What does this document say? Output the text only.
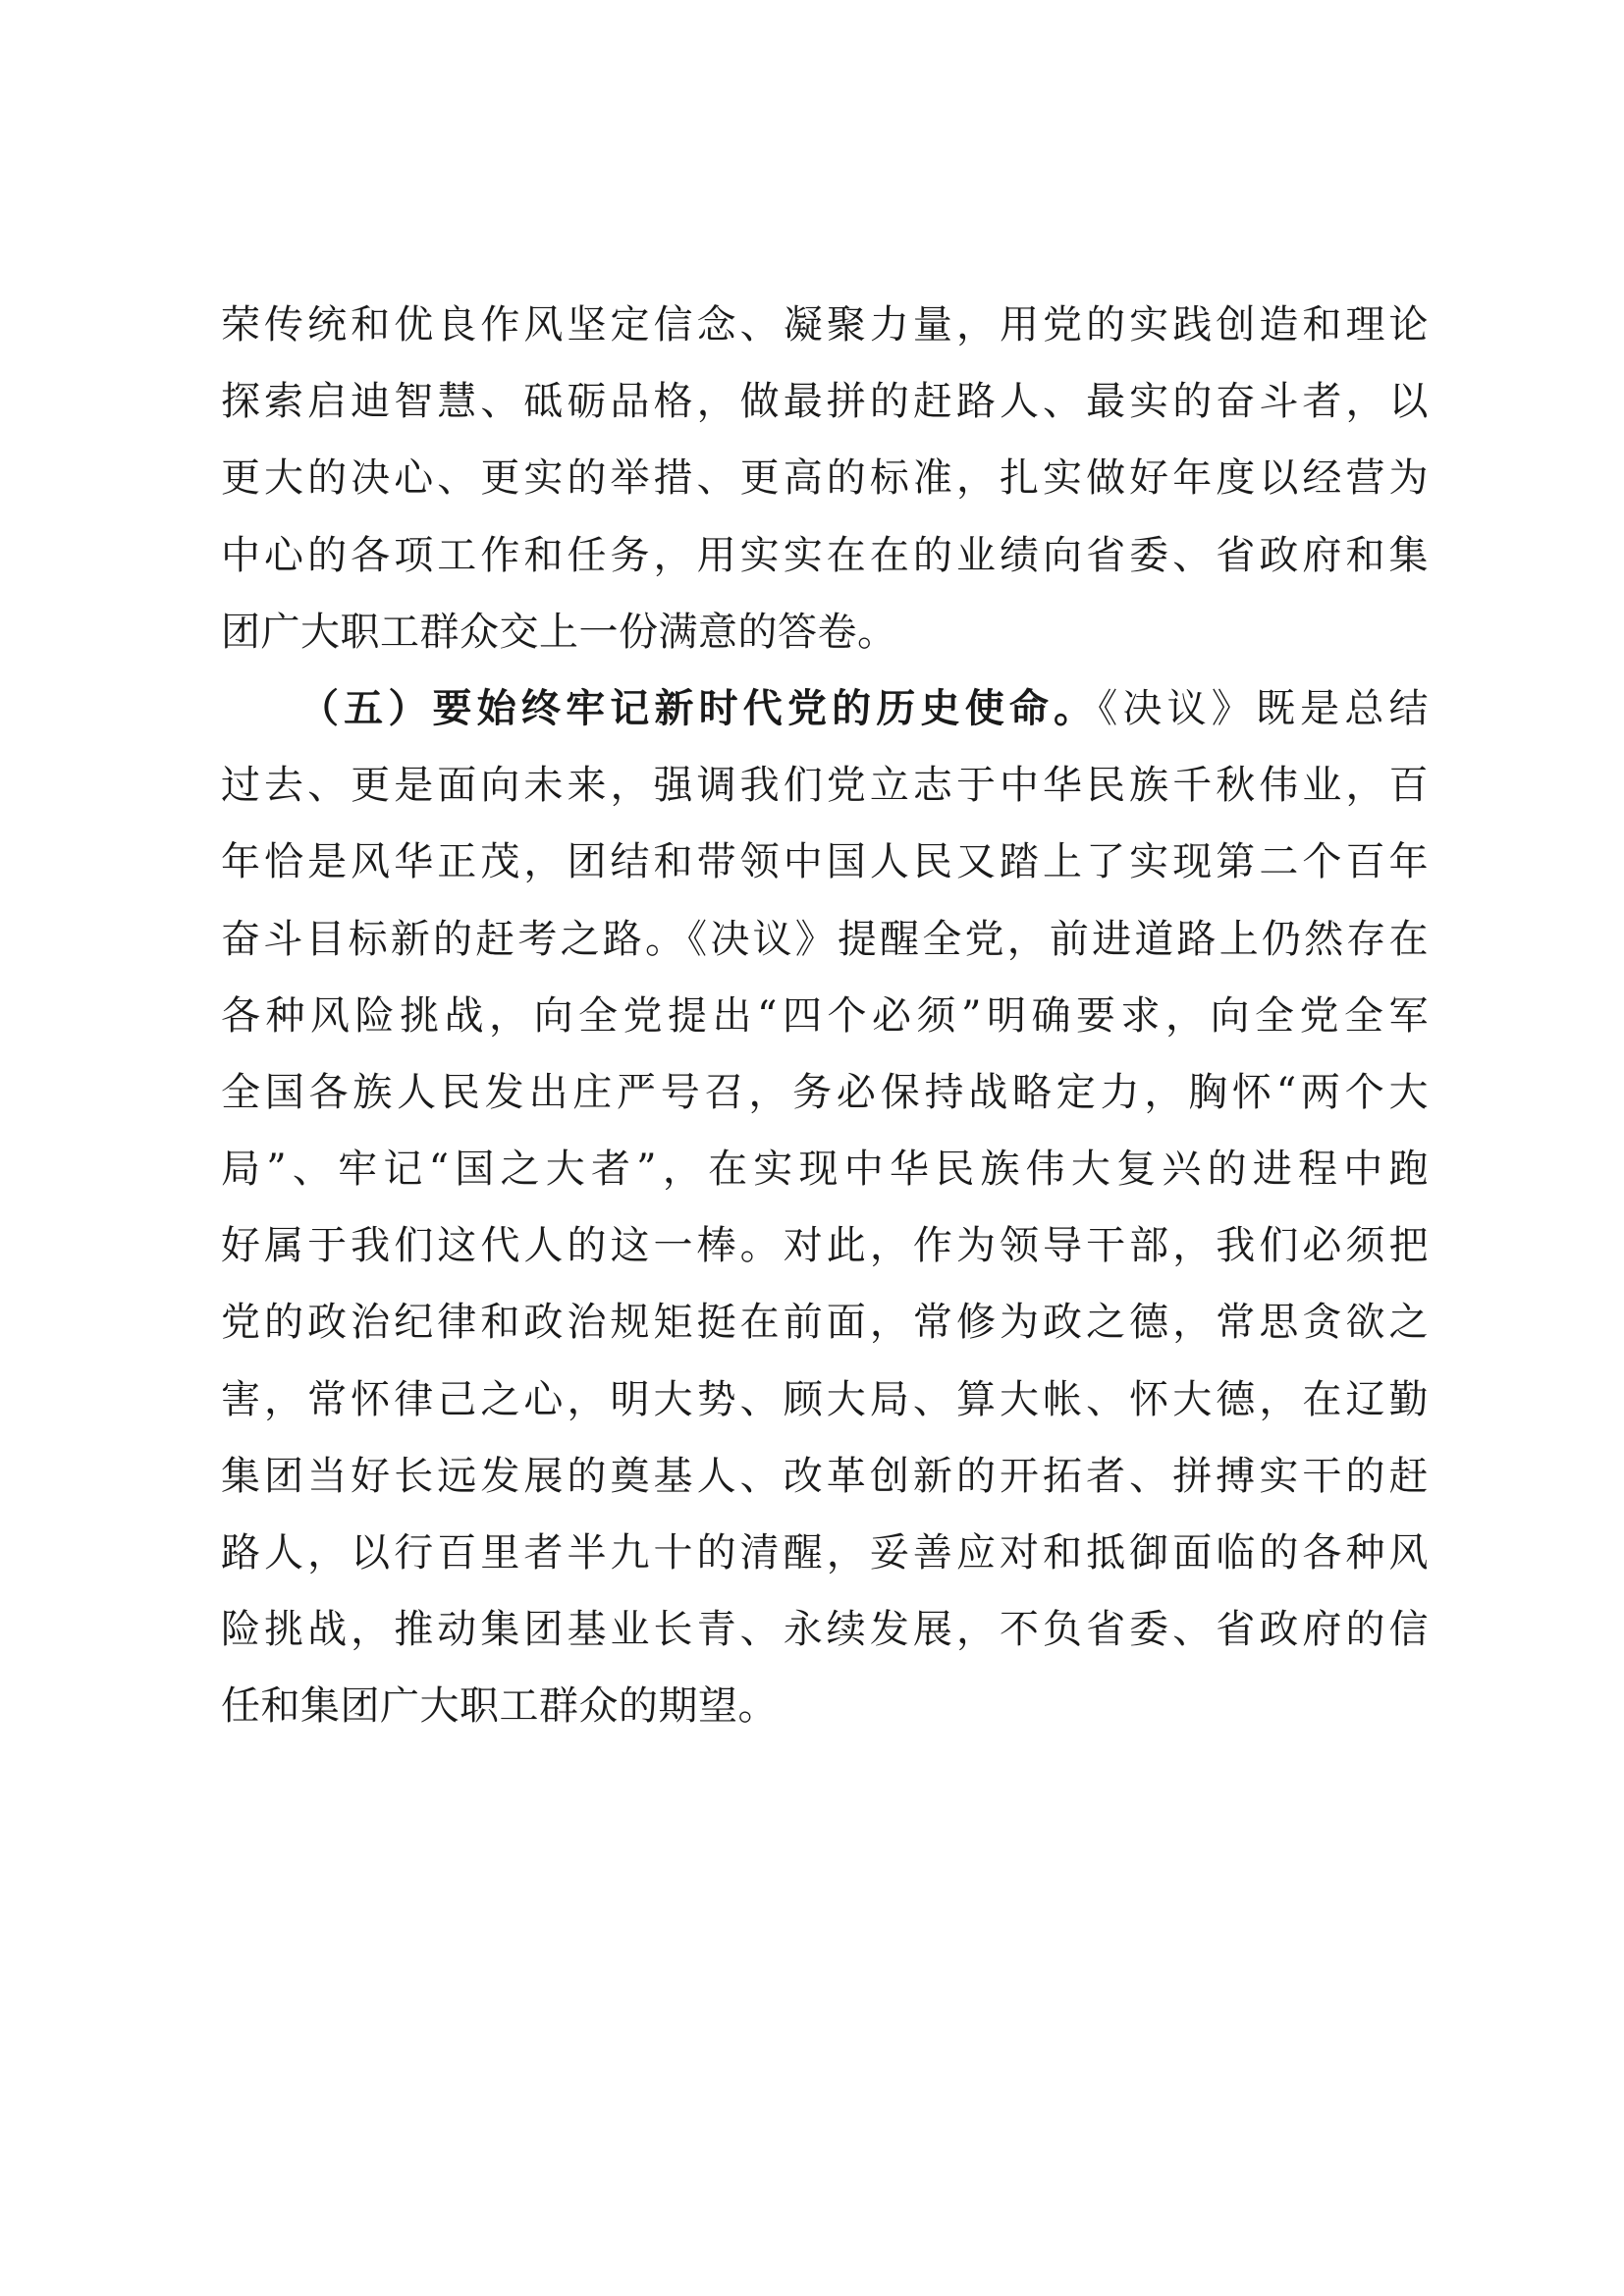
荣传统和优良作风坚定信念、凝聚力量，用党的实践创造和理论
探索启迪智慧、砥砺品格，做最拼的赶路人、最实的奋斗者，以
更大的决心、更实的举措、更高的标准，扎实做好年度以经营为
中心的各项工作和任务，用实实在在的业绩向省委、省政府和集
团广大职工群众交上一份满意的答卷。
（五）要始终牢记新时代党的历史使命。《决议》既是总结
过去、更是面向未来，强调我们党立志于中华民族千秋伟业，百
年恰是风华正茂，团结和带领中国人民又踏上了实现第二个百年
奋斗目标新的赶考之路。《决议》提醒全党，前进道路上仍然存在
各种风险挑战，向全党提出“四个必须”明确要求，向全党全军
全国各族人民发出庄严号召，务必保持战略定力，胸怀“两个大
局”、牢记“国之大者”，在实现中华民族伟大复兴的进程中跑
好属于我们这代人的这一棒。对此，作为领导干部，我们必须把
党的政治纪律和政治规矩挺在前面，常修为政之德，常思贪欲之
害，常怀律己之心，明大势、顾大局、算大帐、怀大德，在辽勤
集团当好长远发展的奠基人、改革创新的开拓者、拼搏实干的赶
路人，以行百里者半九十的清醒，妥善应对和抵御面临的各种风
险挑战，推动集团基业长青、永续发展，不负省委、省政府的信
任和集团广大职工群众的期望。
